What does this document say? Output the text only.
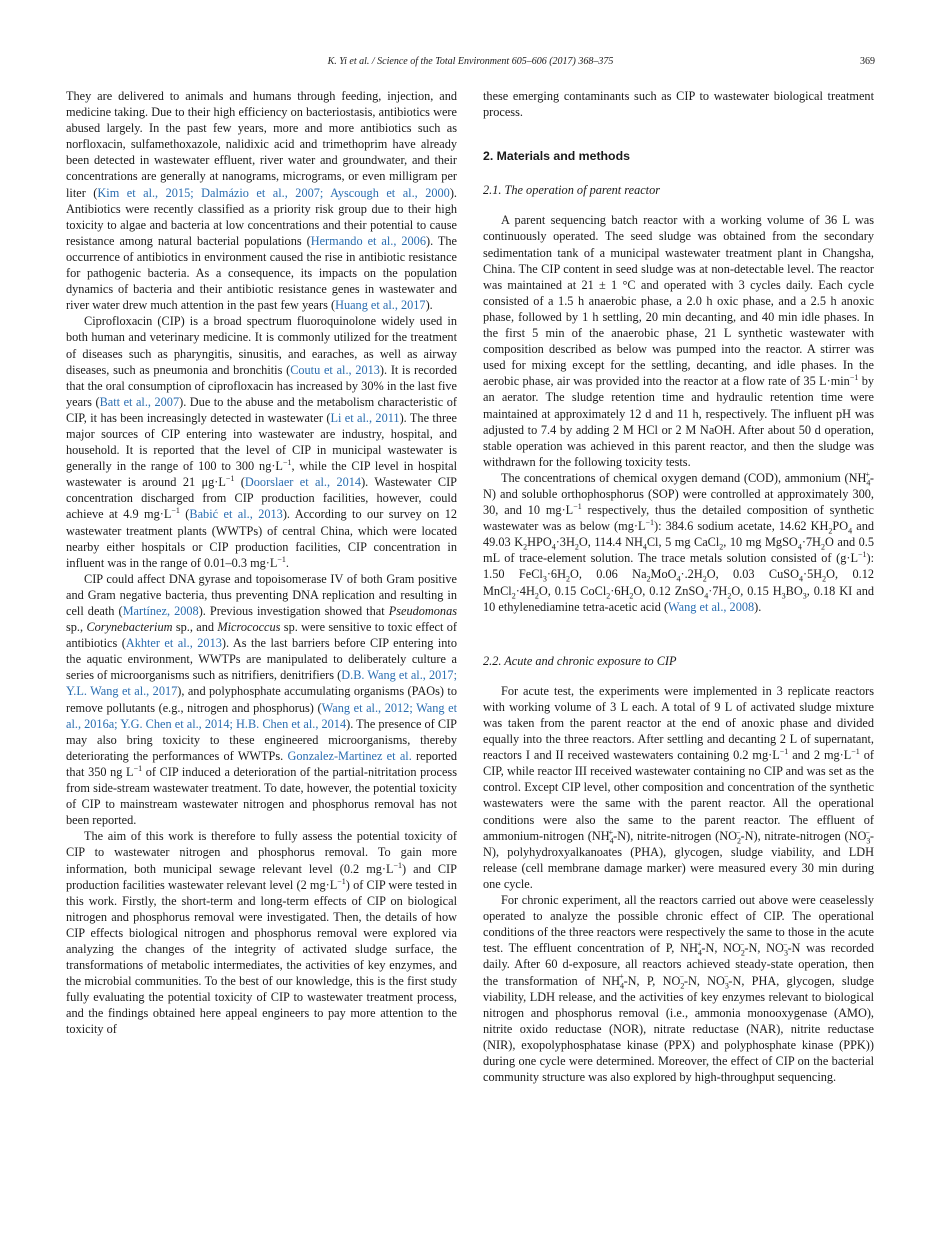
K. Yi et al. / Science of the Total Environment 605–606 (2017) 368–375	369

They are delivered to animals and humans through feeding, injection, and medicine taking. Due to their high efficiency on bacteriostasis, antibiotics were abused largely. In the past few years, more and more antibiotics such as norfloxacin, sulfamethoxazole, nalidixic acid and trimethoprim have already been detected in wastewater effluent, river water and groundwater, and their concentrations are generally at nanograms, micrograms, or even milligram per liter (Kim et al., 2015; Dalmázio et al., 2007; Ayscough et al., 2000). Antibiotics were recently classified as a priority risk group due to their high toxicity to algae and bacteria at low concentrations and their potential to cause resistance among natural bacterial populations (Hermando et al., 2006). The occurrence of antibiotics in environment caused the rise in antibiotic resistance for pathogenic bacteria. As a consequence, its impacts on the population dynamics of bacteria and their antibiotic resistance genes in wastewater and river water drew much attention in the past few years (Huang et al., 2017).

Ciprofloxacin (CIP) is a broad spectrum fluoroquinolone widely used in both human and veterinary medicine. It is commonly utilized for the treatment of diseases such as pharyngitis, sinusitis, and earaches, as well as airway diseases, such as pneumonia and bronchitis (Coutu et al., 2013). It is recorded that the oral consumption of ciprofloxacin has increased by 30% in the last five years (Batt et al., 2007). Due to the abuse and the metabolism characteristic of CIP, it has been increasingly detected in wastewater (Li et al., 2011). The three major sources of CIP entering into wastewater are industry, hospital, and household. It is reported that the level of CIP in municipal wastewater is generally in the range of 100 to 300 $ng\cdot L^{-1}$, while the CIP level in hospital wastewater is around 21 $\mu g\cdot L^{-1}$ (Doorslaer et al., 2014). Wastewater CIP concentration discharged from CIP production facilities, however, could achieve at 4.9 $mg\cdot L^{-1}$ (Babić et al., 2013). According to our survey on 12 wastewater treatment plants (WWTPs) of central China, which were located nearby either hospitals or CIP production facilities, CIP concentration in influent was in the range of 0.01–0.3 $mg\cdot L^{-1}$.

CIP could affect DNA gyrase and topoisomerase IV of both Gram positive and Gram negative bacteria, thus preventing DNA replication and resulting in cell death (Martínez, 2008). Previous investigation showed that Pseudomonas sp., Corynebacterium sp., and Micrococcus sp. were sensitive to toxic effect of antibiotics (Akhter et al., 2013). As the last barriers before CIP entering into the aquatic environment, WWTPs are manipulated to deliberately culture a series of microorganisms such as nitrifiers, denitrifiers (D.B. Wang et al., 2017; Y.L. Wang et al., 2017), and polyphosphate accumulating organisms (PAOs) to remove pollutants (e.g., nitrogen and phosphorus) (Wang et al., 2012; Wang et al., 2016a; Y.G. Chen et al., 2014; H.B. Chen et al., 2014). The presence of CIP may also bring toxicity to these engineered microorganisms, thereby deteriorating the performances of WWTPs. Gonzalez-Martinez et al. reported that 350 ng $L^{-1}$ of CIP induced a deterioration of the partial-nitritation process from side-stream wastewater treatment. To date, however, the potential toxicity of CIP to mainstream wastewater nitrogen and phosphorus removal has not been reported.

The aim of this work is therefore to fully assess the potential toxicity of CIP to wastewater nitrogen and phosphorus removal. To gain more information, both municipal sewage relevant level (0.2 $mg\cdot L^{-1}$) and CIP production facilities wastewater relevant level (2 $mg\cdot L^{-1}$) of CIP were tested in this work. Firstly, the short-term and long-term effects of CIP on biological nitrogen and phosphorus removal were investigated. Then, the details of how CIP effects biological nitrogen and phosphorus removal were explored via analyzing the changes of the integrity of activated sludge surface, the transformations of metabolic intermediates, the activities of key enzymes, and the microbial communities. To the best of our knowledge, this is the first study fully evaluating the potential toxicity of CIP to wastewater treatment process, and the findings obtained here appeal engineers to pay more attention to the toxicity of

these emerging contaminants such as CIP to wastewater biological treatment process.

2. Materials and methods
2.1. The operation of parent reactor

A parent sequencing batch reactor with a working volume of 36 L was continuously operated. The seed sludge was obtained from the secondary sedimentation tank of a municipal wastewater treatment plant in Changsha, China. The CIP content in seed sludge was at non-detectable level. The reactor was maintained at 21 ± 1 °C and operated with 3 cycles daily. Each cycle consisted of a 1.5 h anaerobic phase, a 2.0 h oxic phase, and a 2.5 h anoxic phase, followed by 1 h settling, 20 min decanting, and 40 min idle phases. In the first 5 min of the anaerobic phase, 21 L synthetic wastewater with composition described as below was pumped into the reactor. A stirrer was used for mixing except for the settling, decanting, and idle phases. In the aerobic phase, air was provided into the reactor at a flow rate of 35 $L\cdot\min^{-1}$ by an aerator. The sludge retention time and hydraulic retention time were maintained at approximately 12 d and 11 h, respectively. The influent pH was adjusted to 7.4 by adding 2 M HCl or 2 M NaOH. After about 50 d operation, stable operation was achieved in this parent reactor, and then the sludge was withdrawn for the following toxicity tests.

The concentrations of chemical oxygen demand (COD), ammonium $(NH_4^+-N)$ and soluble orthophosphorus (SOP) were controlled at approximately 300, 30, and 10 $mg\cdot L^{-1}$ respectively, thus the detailed composition of synthetic wastewater was as below $(mg\cdot L^{-1})$: 384.6 sodium acetate, 14.62 $KH_2PO_4$ and 49.03 $K_2HPO_4\cdot 3H_2O$, 114.4 $NH_4Cl$, 5 mg CaCl$_2$, 10 mg $MgSO_4\cdot 7H_2O$ and 0.5 mL of trace-element solution. The trace metals solution consisted of $(g\cdot L^{-1})$: 1.50 $FeCl_3\cdot 6H_2O$, 0.06 $Na_2MoO_4\cdot.2H_2O$, 0.03 $CuSO_4\cdot 5H_2O$, 0.12 $MnCl_2\cdot 4H_2O$, 0.15 $CoCl_2\cdot 6H_2O$, 0.12 $ZnSO_4\cdot 7H_2O$, 0.15 $H_3BO_3$, 0.18 KI and 10 ethylenediamine tetra-acetic acid (Wang et al., 2008).

2.2. Acute and chronic exposure to CIP

For acute test, the experiments were implemented in 3 replicate reactors with working volume of 3 L each. A total of 9 L of activated sludge mixture was taken from the parent reactor at the end of anoxic phase and divided equally into the three reactors. After settling and decanting 2 L of supernatant, reactors I and II received wastewaters containing 0.2 $mg\cdot L^{-1}$ and 2 $mg\cdot L^{-1}$ of CIP, while reactor III received wastewater containing no CIP and was set as the control. Except CIP level, other composition and concentration of the synthetic wastewaters were the same with the parent reactor. All the operational conditions were also the same to the parent reactor. The effluent of ammonium-nitrogen $(NH_4^+-N)$, nitrite-nitrogen $(NO_2^--N)$, nitrate-nitrogen $(NO_3^--N)$, polyhydroxyalkanoates (PHA), glycogen, sludge viability, and LDH release (cell membrane damage marker) were measured every 30 min during one cycle.

For chronic experiment, all the reactors carried out above were ceaselessly operated to analyze the possible chronic effect of CIP. The operational conditions of the three reactors were respectively the same to those in the acute test. The effluent concentration of P, $NH_4^+-N$, $NO_2^--N$, $NO_3^--N$ was recorded daily. After 60 d-exposure, all reactors achieved steady-state operation, then the transformation of $NH_4^+-N$, P, $NO_2^--N$, $NO_3^--N$, PHA, glycogen, sludge viability, LDH release, and the activities of key enzymes relevant to biological nitrogen and phosphorus removal (i.e., ammonia monooxygenase (AMO), nitrite oxido reductase (NOR), nitrate reductase (NAR), nitrite reductase (NIR), exopolyphosphatase kinase (PPX) and polyphosphate kinase (PPK)) during one cycle were determined. Moreover, the effect of CIP on the bacterial community structure was also explored by high-throughput sequencing.
